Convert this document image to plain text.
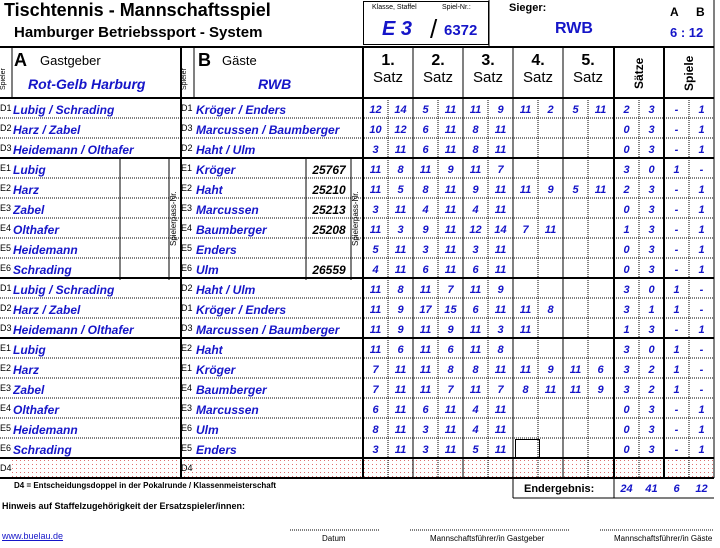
Tischtennis - Mannschaftsspiel
Hamburger Betriebssport - System
Klasse, Staffel	Spiel-Nr.:
E 3 / 6372
Sieger:
RWB
A B
6 : 12
Spieler
A Gastgeber
Rot-Gelb Harburg	Spieler
B Gäste
RWB
1.
Satz
2.
Satz
3.
Satz
4.
Satz
5.
Satz	Sätze	Spiele
Spielerpass-Nr.	Spielerpass-Nr.
D1 Lubig / Schrading	D1 Kröger / Enders	12	14	5	11	11	9	11	2	5	11	2	3	-	1
D2 Harz / Zabel	D3 Marcussen / Baumberger	10	12	6	11	8	11	0	3	-	1
D3 Heidemann / Olthafer	D2 Haht / Ulm	3	11	6	11	8	11	0	3	-	1
E1 Lubig	E1 Kröger	25767	11	8	11	9	11	7	3	0	1	-
E2 Harz	E2 Haht	25210	11	5	8	11	9	11	11	9	5	11	2	3	-	1
E3 Zabel	E3 Marcussen	25213	3	11	4	11	4	11	0	3	-	1
E4 Olthafer	E4 Baumberger	25208	11	3	9	11	12	14	7	11	1	3	-	1
E5 Heidemann	E5 Enders	5	11	3	11	3	11	0	3	-	1
E6 Schrading	E6 Ulm	26559	4	11	6	11	6	11	0	3	-	1
D1 Lubig / Schrading	D2 Haht / Ulm	11	8	11	7	11	9	3	0	1	-
D2 Harz / Zabel	D1 Kröger / Enders	11	9	17	15	6	11	11	8	3	1	1	-
D3 Heidemann / Olthafer	D3 Marcussen / Baumberger	11	9	11	9	11	3	11	1	3	-	1
E1 Lubig	E2 Haht	11	6	11	6	11	8	3	0	1	-
E2 Harz	E1 Kröger	7	11	11	8	8	11	11	9	11	6	3	2	1	-
E3 Zabel	E4 Baumberger	7	11	11	7	11	7	8	11	11	9	3	2	1	-
E4 Olthafer	E3 Marcussen	6	11	6	11	4	11	0	3	-	1
E5 Heidemann	E6 Ulm	8	11	3	11	4	11	0	3	-	1
E6 Schrading	E5 Enders	3	11	3	11	5	11	0	3	-	1
D4	D4
D4 = Entscheidungsdoppel in der Pokalrunde / Klassenmeisterschaft	Endergebnis:	24	41	6	12
Hinweis auf Staffelzugehörigkeit der Ersatzspieler/innen:
www.buelau.de	Datum	Mannschaftsführer/in Gastgeber	Mannschaftsführer/in Gäste
